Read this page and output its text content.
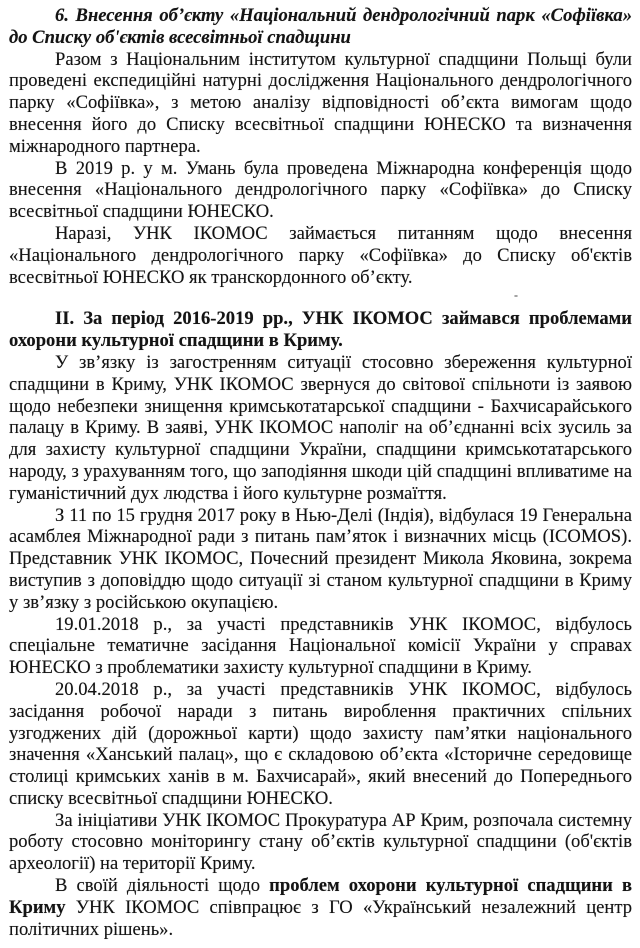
6. Внесення об’єкту «Національний дендрологічний парк «Софіївка» до Списку об'єктів всесвітньої спадщини

Разом з Національним інститутом культурної спадщини Польщі були проведені експедиційні натурні дослідження Національного дендрологічного парку «Софіївка», з метою аналізу відповідності об’єкта вимогам щодо внесення його до Списку всесвітньої спадщини ЮНЕСКО та визначення міжнародного партнера.

В 2019 р. у м. Умань була проведена Міжнародна конференція щодо внесення «Національного дендрологічного парку «Софіївка» до Списку всесвітньої спадщини ЮНЕСКО.

Наразі, УНК ІКОМОС займається питанням щодо внесення «Національного дендрологічного парку «Софіївка» до Списку об'єктів всесвітньої ЮНЕСКО як транскордонного об’єкту.

-

ІІ. За період 2016-2019 рр., УНК ІКОМОС займався проблемами охорони культурної спадщини в Криму.

У зв’язку із загостренням ситуації стосовно збереження культурної спадщини в Криму, УНК ІКОМОС звернуся до світової спільноти із заявою щодо небезпеки знищення кримськотатарської спадщини - Бахчисарайського палацу в Криму. В заяві, УНК ІКОМОС наполіг на об’єднанні всіх зусиль за для захисту культурної спадщини України, спадщини кримськотатарського народу, з урахуванням того, що заподіяння шкоди цій спадщині впливатиме на гуманістичний дух людства і його культурне розмаїття.

З 11 по 15 грудня 2017 року в Нью-Делі (Індія), відбулася 19 Генеральна асамблея Міжнародної ради з питань пам’яток і визначних місць (ICOMOS). Представник УНК ІКОМОС, Почесний президент Микола Яковина, зокрема виступив з доповіддю щодо ситуації зі станом культурної спадщини в Криму у зв’язку з російською окупацією.

19.01.2018 р., за участі представників УНК ІКОМОС, відбулось спеціальне тематичне засідання Національної комісії України у справах ЮНЕСКО з проблематики захисту культурної спадщини в Криму.

20.04.2018 р., за участі представників УНК ІКОМОС, відбулось засідання робочої наради з питань вироблення практичних спільних узгоджених дій (дорожньої карти) щодо захисту пам’ятки національного значення «Ханський палац», що є складовою об’єкта «Історичне середовище столиці кримських ханів в м. Бахчисарай», який внесений до Попереднього списку всесвітньої спадщини ЮНЕСКО.

За ініціативи УНК ІКОМОС Прокуратура АР Крим, розпочала системну роботу стосовно моніторингу стану об’єктів культурної спадщини (об'єктів археології) на території Криму.

В своїй діяльності щодо проблем охорони культурної спадщини в Криму УНК ІКОМОС співпрацює з ГО «Український незалежний центр політичних рішень».
